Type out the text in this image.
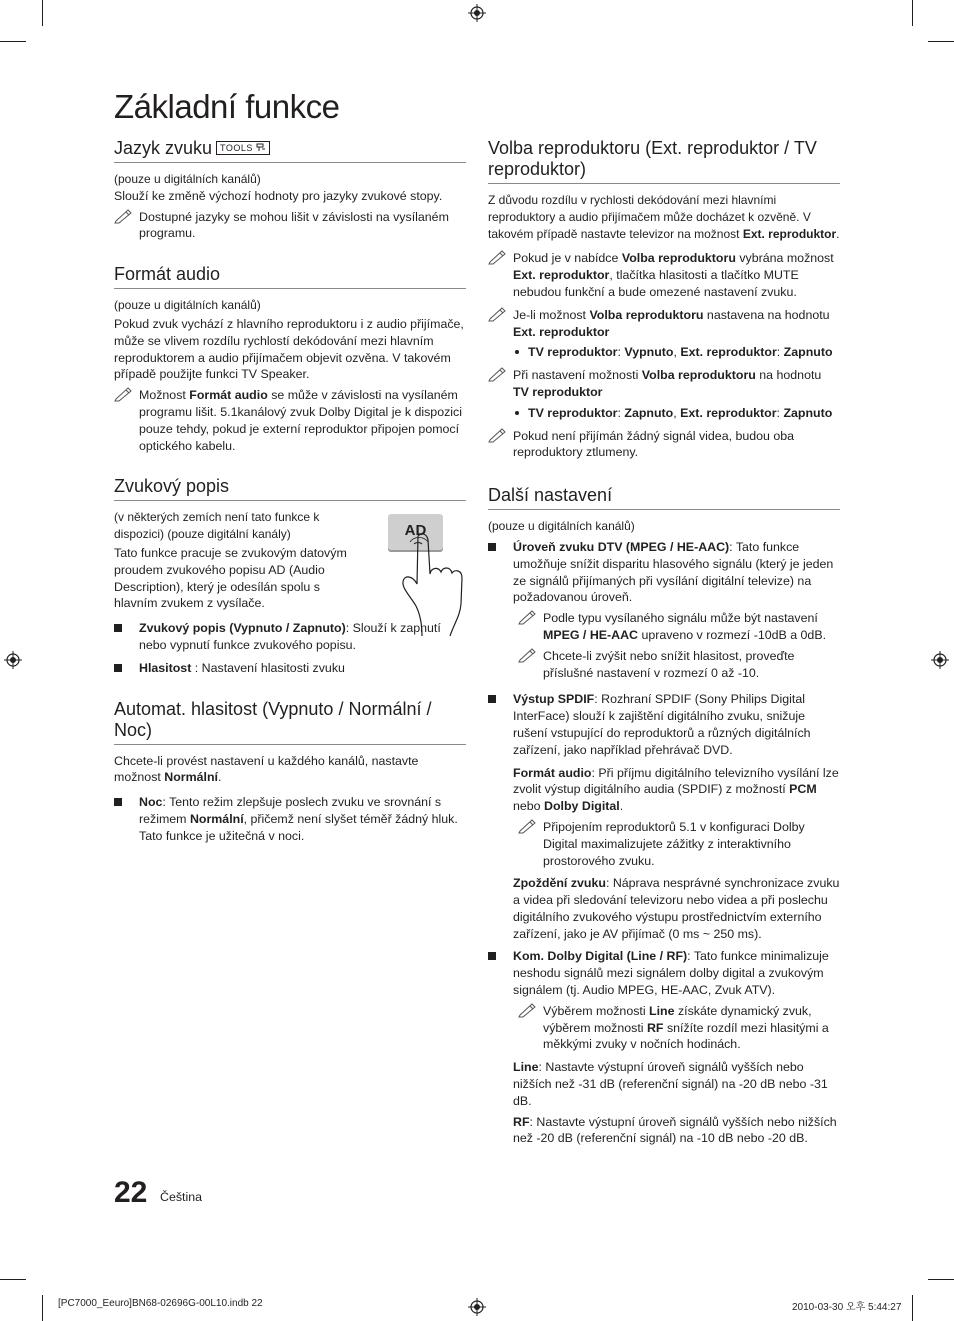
Základní funkce
Jazyk zvuku TOOLS

(pouze u digitálních kanálů)

Slouží ke změně výchozí hodnoty pro jazyky zvukové stopy.

Dostupné jazyky se mohou lišit v závislosti na vysílaném programu.
Formát audio

(pouze u digitálních kanálů)

Pokud zvuk vychází z hlavního reproduktoru i z audio přijímače, může se vlivem rozdílu rychlostí dekódování mezi hlavním reproduktorem a audio přijímačem objevit ozvěna. V takovém případě použijte funkci TV Speaker.

Možnost Formát audio se může v závislosti na vysílaném programu lišit. 5.1kanálový zvuk Dolby Digital je k dispozici pouze tehdy, pokud je externí reproduktor připojen pomocí optického kabelu.
Zvukový popis

(v některých zemích není tato funkce k dispozici) (pouze digitální kanály)

Tato funkce pracuje se zvukovým datovým proudem zvukového popisu AD (Audio Description), který je odesílán spolu s hlavním zvukem z vysílače.

AD
Zvukový popis (Vypnuto / Zapnuto): Slouží k zapnutí nebo vypnutí funkce zvukového popisu.
Hlasitost : Nastavení hlasitosti zvuku
Automat. hlasitost (Vypnuto / Normální / Noc)

Chcete-li provést nastavení u každého kanálů, nastavte možnost Normální.

Noc: Tento režim zlepšuje poslech zvuku ve srovnání s režimem Normální, přičemž není slyšet téměř žádný hluk. Tato funkce je užitečná v noci.
Volba reproduktoru (Ext. reproduktor / TV reproduktor)

Z důvodu rozdílu v rychlosti dekódování mezi hlavními reproduktory a audio přijímačem může docházet k ozvěně. V takovém případě nastavte televizor na možnost Ext. reproduktor.

Pokud je v nabídce Volba reproduktoru vybrána možnost Ext. reproduktor, tlačítka hlasitosti a tlačítko MUTE nebudou funkční a bude omezené nastavení zvuku.
Je-li možnost Volba reproduktoru nastavena na hodnotu Ext. reproduktor
TV reproduktor: Vypnuto, Ext. reproduktor: Zapnuto
Při nastavení možnosti Volba reproduktoru na hodnotu TV reproduktor
TV reproduktor: Zapnuto, Ext. reproduktor: Zapnuto
Pokud není přijímán žádný signál videa, budou oba reproduktory ztlumeny.
Další nastavení

(pouze u digitálních kanálů)

Úroveň zvuku DTV (MPEG / HE-AAC): Tato funkce umožňuje snížit disparitu hlasového signálu (který je jeden ze signálů přijímaných při vysílání digitální televize) na požadovanou úroveň.

Podle typu vysílaného signálu může být nastavení MPEG / HE-AAC upraveno v rozmezí -10dB a 0dB.

Chcete-li zvýšit nebo snížit hlasitost, proveďte příslušné nastavení v rozmezí 0 až -10.

Výstup SPDIF: Rozhraní SPDIF (Sony Philips Digital InterFace) slouží k zajištění digitálního zvuku, snižuje rušení vstupující do reproduktorů a různých digitálních zařízení, jako například přehrávač DVD.

Formát audio: Při příjmu digitálního televizního vysílání lze zvolit výstup digitálního audia (SPDIF) z možností PCM nebo Dolby Digital.

Připojením reproduktorů 5.1 v konfiguraci Dolby Digital maximalizujete zážitky z interaktivního prostorového zvuku.

Zpoždění zvuku: Náprava nesprávné synchronizace zvuku a videa při sledování televizoru nebo videa a při poslechu digitálního zvukového výstupu prostřednictvím externího zařízení, jako je AV přijímač (0 ms ~ 250 ms).

Kom. Dolby Digital (Line / RF): Tato funkce minimalizuje neshodu signálů mezi signálem dolby digital a zvukovým signálem (tj. Audio MPEG, HE-AAC, Zvuk ATV).

Výběrem možnosti Line získáte dynamický zvuk, výběrem možnosti RF snížíte rozdíl mezi hlasitými a měkkými zvuky v nočních hodinách.

Line: Nastavte výstupní úroveň signálů vyšších nebo nižších než -31 dB (referenční signál) na -20 dB nebo -31 dB.

RF: Nastavte výstupní úroveň signálů vyšších nebo nižších než -20 dB (referenční signál) na -10 dB nebo -20 dB.

22 Čeština
[PC7000_Eeuro]BN68-02696G-00L10.indb 22	2010-03-30 오후 5:44:27
